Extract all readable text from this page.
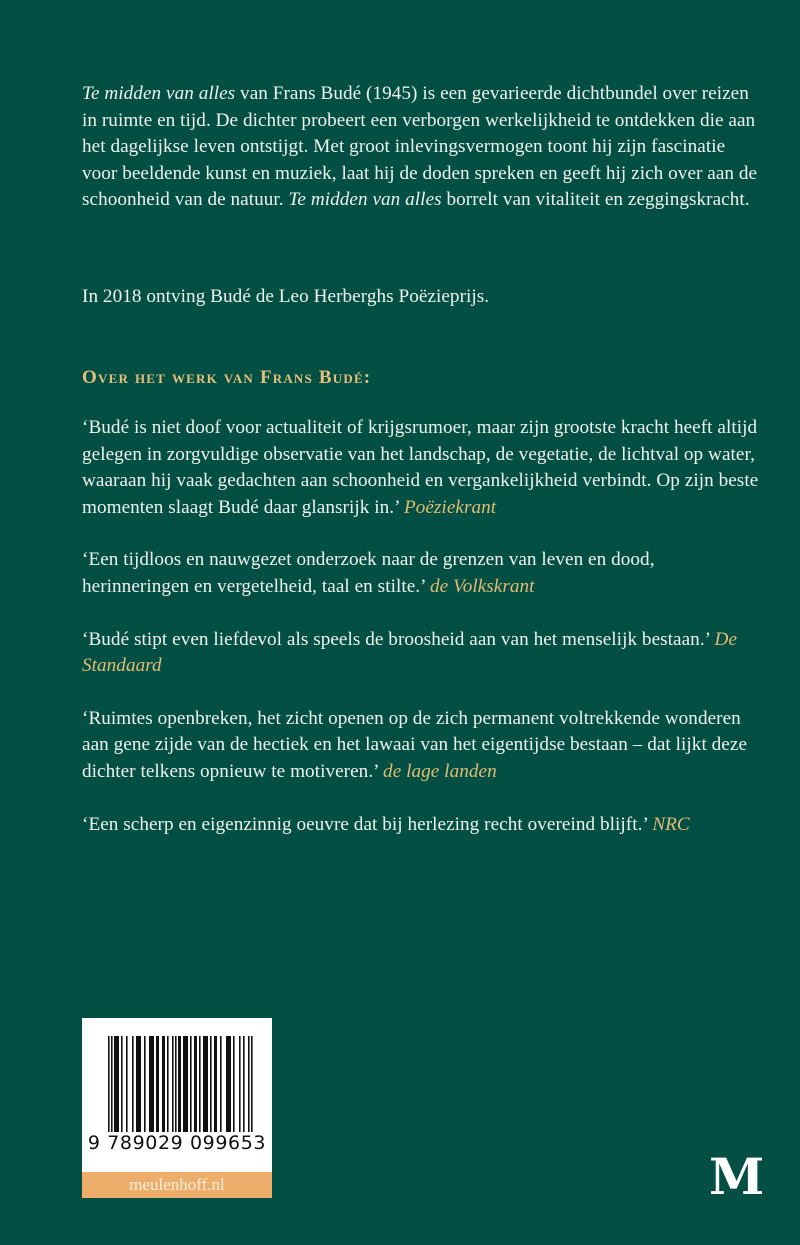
Te midden van alles van Frans Budé (1945) is een gevarieerde dichtbundel over reizen in ruimte en tijd. De dichter probeert een verborgen werkelijkheid te ontdekken die aan het dagelijkse leven ontstijgt. Met groot inlevingsvermogen toont hij zijn fascinatie voor beeldende kunst en muziek, laat hij de doden spreken en geeft hij zich over aan de schoonheid van de natuur. Te midden van alles borrelt van vitaliteit en zeggingskracht.

In 2018 ontving Budé de Leo Herberghs Poëzieprijs.

Over het werk van Frans Budé:

‘Budé is niet doof voor actualiteit of krijgsrumoer, maar zijn grootste kracht heeft altijd gelegen in zorgvuldige observatie van het landschap, de vegetatie, de lichtval op water, waaraan hij vaak gedachten aan schoonheid en vergankelijkheid verbindt. Op zijn beste momenten slaagt Budé daar glansrijk in.’ Poëziekrant

‘Een tijdloos en nauwgezet onderzoek naar de grenzen van leven en dood, herinneringen en vergetelheid, taal en stilte.’ de Volkskrant

‘Budé stipt even liefdevol als speels de broosheid aan van het menselijk bestaan.’ De Standaard

‘Ruimtes openbreken, het zicht openen op de zich permanent voltrekkende wonderen aan gene zijde van de hectiek en het lawaai van het eigentijdse bestaan – dat lijkt deze dichter telkens opnieuw te motiveren.’ de lage landen

‘Een scherp en eigenzinnig oeuvre dat bij herlezing recht overeind blijft.’ NRC

9 789029 099653
meulenhoff.nl	M
